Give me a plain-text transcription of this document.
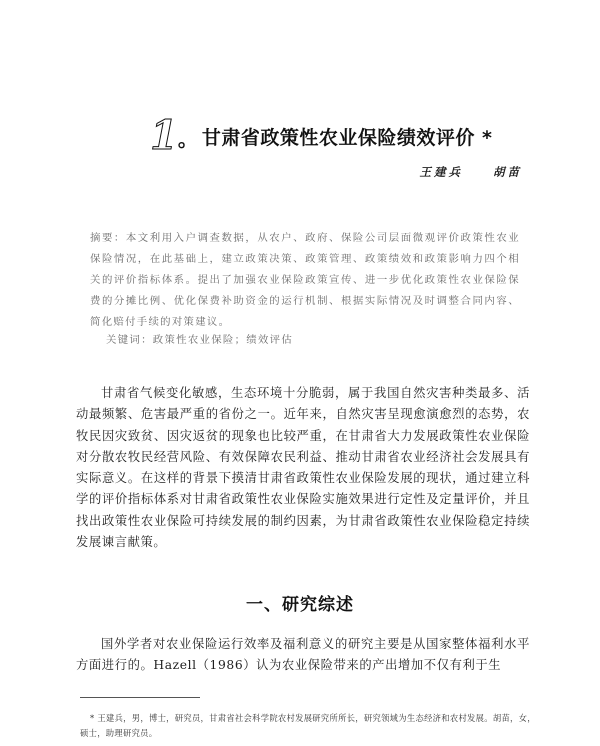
1 。 甘肃省政策性农业保险绩效评价 *
王建兵	胡苗
摘要：本文利用入户调查数据，从农户、政府、保险公司层面微观评价政策性农业保险情况，在此基础上，建立政策决策、政策管理、政策绩效和政策影响力四个相关的评价指标体系。提出了加强农业保险政策宣传、进一步优化政策性农业保险保费的分摊比例、优化保费补助资金的运行机制、根据实际情况及时调整合同内容、简化赔付手续的对策建议。
关键词：政策性农业保险；绩效评估
甘肃省气候变化敏感，生态环境十分脆弱，属于我国自然灾害种类最多、活动最频繁、危害最严重的省份之一。近年来，自然灾害呈现愈演愈烈的态势，农牧民因灾致贫、因灾返贫的现象也比较严重，在甘肃省大力发展政策性农业保险对分散农牧民经营风险、有效保障农民利益、推动甘肃省农业经济社会发展具有实际意义。在这样的背景下摸清甘肃省政策性农业保险发展的现状，通过建立科学的评价指标体系对甘肃省政策性农业保险实施效果进行定性及定量评价，并且找出政策性农业保险可持续发展的制约因素，为甘肃省政策性农业保险稳定持续发展谏言献策。
一、研究综述
国外学者对农业保险运行效率及福利意义的研究主要是从国家整体福利水平方面进行的。Hazell（1986）认为农业保险带来的产出增加不仅有利于生
* 王建兵，男，博士，研究员，甘肃省社会科学院农村发展研究所所长，研究领域为生态经济和农村发展。胡苗，女，硕士，助理研究员。
